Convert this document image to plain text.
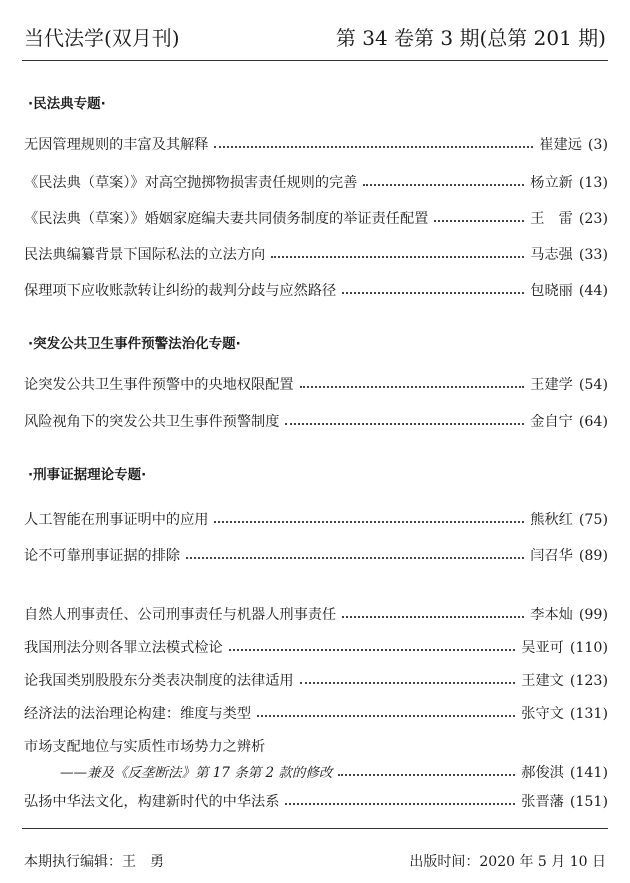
当代法学(双月刊)	第 34 卷第 3 期(总第 201 期)
·民法典专题·
无因管理规则的丰富及其解释	崔建远 (3)
《民法典（草案）》对高空抛掷物损害责任规则的完善	杨立新 (13)
《民法典（草案）》婚姻家庭编夫妻共同债务制度的举证责任配置	王　雷 (23)
民法典编纂背景下国际私法的立法方向	马志强 (33)
保理项下应收账款转让纠纷的裁判分歧与应然路径	包晓丽 (44)
·突发公共卫生事件预警法治化专题·
论突发公共卫生事件预警中的央地权限配置	王建学 (54)
风险视角下的突发公共卫生事件预警制度	金自宁 (64)
·刑事证据理论专题·
人工智能在刑事证明中的应用	熊秋红 (75)
论不可靠刑事证据的排除	闫召华 (89)
自然人刑事责任、公司刑事责任与机器人刑事责任	李本灿 (99)
我国刑法分则各罪立法模式检论	吴亚可 (110)
论我国类别股股东分类表决制度的法律适用	王建文 (123)
经济法的法治理论构建：维度与类型	张守文 (131)
市场支配地位与实质性市场势力之辨析
——兼及《反垄断法》第 17 条第 2 款的修改	郝俊淇 (141)
弘扬中华法文化，构建新时代的中华法系	张晋藩 (151)
本期执行编辑：王　勇	出版时间：2020 年 5 月 10 日
